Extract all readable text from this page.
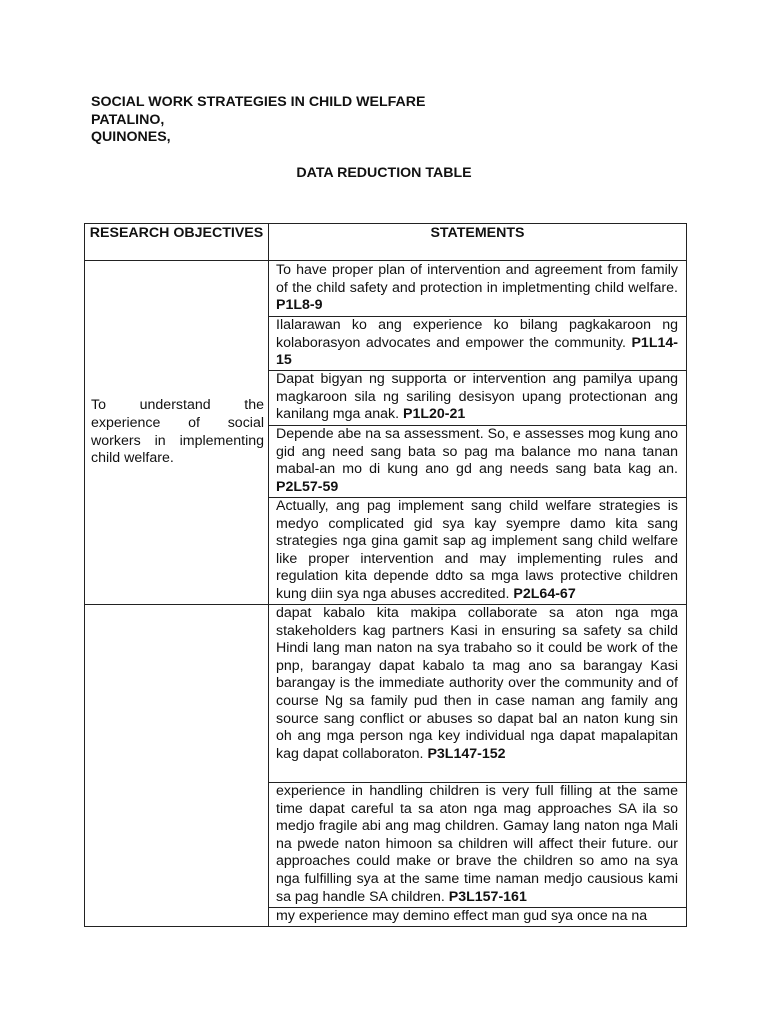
SOCIAL WORK STRATEGIES IN CHILD WELFARE
PATALINO,
QUINONES,
DATA REDUCTION TABLE
RESEARCH OBJECTIVES	STATEMENTS
To understand the experience of social workers in implementing child welfare.	To have proper plan of intervention and agreement from family of the child safety and protection in impletmenting child welfare. P1L8-9
	Ilalarawan ko ang experience ko bilang pagkakaroon ng kolaborasyon advocates and empower the community. P1L14-15
	Dapat bigyan ng supporta or intervention ang pamilya upang magkaroon sila ng sariling desisyon upang protectionan ang kanilang mga anak. P1L20-21
	Depende abe na sa assessment. So, e assesses mog kung ano gid ang need sang bata so pag ma balance mo nana tanan mabal-an mo di kung ano gd ang needs sang bata kag an. P2L57-59
	Actually, ang pag implement sang child welfare strategies is medyo complicated gid sya kay syempre damo kita sang strategies nga gina gamit sap ag implement sang child welfare like proper intervention and may implementing rules and regulation kita depende ddto sa mga laws protective children kung diin sya nga abuses accredited. P2L64-67
	dapat kabalo kita makipa collaborate sa aton nga mga stakeholders kag partners Kasi in ensuring sa safety sa child Hindi lang man naton na sya trabaho so it could be work of the pnp, barangay dapat kabalo ta mag ano sa barangay Kasi barangay is the immediate authority over the community and of course Ng sa family pud then in case naman ang family ang source sang conflict or abuses so dapat bal an naton kung sin oh ang mga person nga key individual nga dapat mapalapitan kag dapat collaboraton. P3L147-152
	experience in handling children is very full filling at the same time dapat careful ta sa aton nga mag approaches SA ila so medjo fragile abi ang mag children. Gamay lang naton nga Mali na pwede naton himoon sa children will affect their future. our approaches could make or brave the children so amo na sya nga fulfilling sya at the same time naman medjo causious kami sa pag handle SA children. P3L157-161
	my experience may demino effect man gud sya once na na
